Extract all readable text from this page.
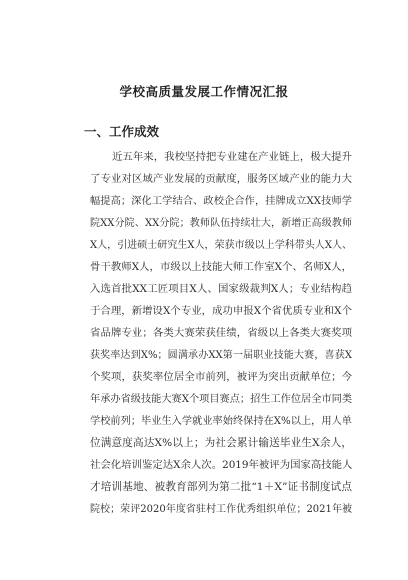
学校高质量发展工作情况汇报
一、工作成效
近五年来，我校坚持把专业建在产业链上，极大提升
了专业对区域产业发展的贡献度，服务区域产业的能力大
幅提高；深化工学结合、政校企合作，挂牌成立XX技师学
院XX分院、XX分院；教师队伍持续壮大，新增正高级教师
X人，引进硕士研究生X人，荣获市级以上学科带头人X人、
骨干教师X人，市级以上技能大师工作室X个、名师X人，
入选首批XX工匠项目X人、国家级裁判X人；专业结构趋
于合理，新增设X个专业，成功申报X个省优质专业和X个
省品牌专业；各类大赛荣获佳绩，省级以上各类大赛奖项
获奖率达到X%；圆满承办XX第一届职业技能大赛，喜获X
个奖项，获奖率位居全市前列，被评为突出贡献单位；今
年承办省级技能大赛X个项目赛点；招生工作位居全市同类
学校前列；毕业生入学就业率始终保持在X%以上，用人单
位满意度高达X%以上；为社会累计输送毕业生X余人，
社会化培训鉴定达X余人次。2019年被评为国家高技能人
才培训基地、被教育部列为第二批“1＋X”证书制度试点
院校；荣评2020年度省驻村工作优秀组织单位；2021年被
